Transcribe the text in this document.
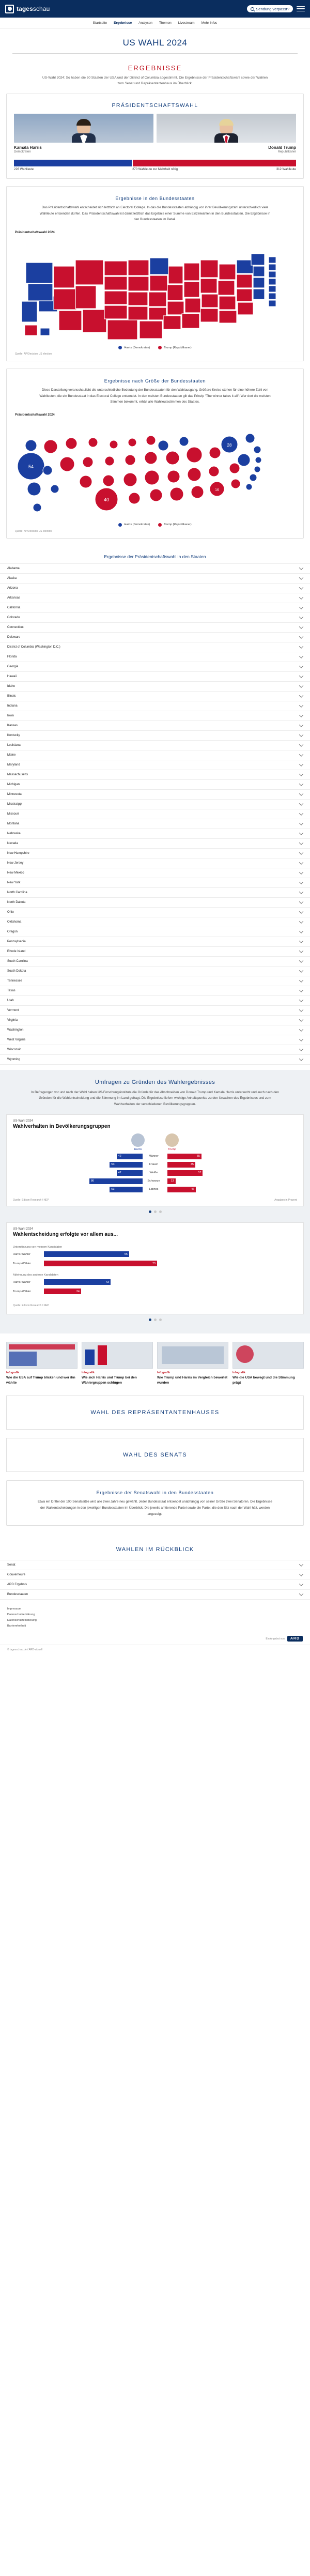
tagesschau	Sendung verpasst?
Startseite Ergebnisse Analysen Themen Livestream Mehr Infos
US WAHL 2024
ERGEBNISSE
US-Wahl 2024: So haben die 50 Staaten der USA und der District of Columbia abgestimmt. Die Ergebnisse der Präsidentschaftswahl sowie der Wahlen zum Senat und Repräsentantenhaus im Überblick.
PRÄSIDENTSCHAFTSWAHL
Kamala Harris
Demokraten
Donald Trump
Republikaner
226 Wahlleute	270 Wahlleute zur Mehrheit nötig	312 Wahlleute
Ergebnisse in den Bundesstaaten
Das Präsidentschaftswahl entscheidet sich letztlich an Electoral College. In das die Bundesstaaten abhängig von ihrer Bevölkerungszahl unterschiedlich viele Wahlleute entsenden dürfen. Das Präsidentschaftswahl ist damit letztlich das Ergebnis einer Summe von Einzelwahlen in den Bundesstaaten. Die Ergebnisse in den Bundesstaaten im Detail.
Präsidentschaftswahl 2024
Harris (Demokraten)	Trump (Republikaner)
Quelle: AP/Decision US election
Ergebnisse nach Größe der Bundesstaaten
Diese Darstellung veranschaulicht die unterschiedliche Bedeutung der Bundesstaaten für den Wahlausgang. Größere Kreise stehen für eine höhere Zahl von Wahlleuten, die ein Bundesstaat in das Electoral College entsendet. In den meisten Bundesstaaten gilt das Prinzip "The winner takes it all": Wer dort die meisten Stimmen bekommt, erhält alle Wahlleutestimmen des Staates.
Präsidentschaftswahl 2024
54
40
28
16
Harris (Demokraten)	Trump (Republikaner)
Quelle: AP/Decision US election
Ergebnisse der Präsidentschaftswahl in den Staaten
Alabama
Alaska
Arizona
Arkansas
California
Colorado
Connecticut
Delaware
District of Columbia (Washington D.C.)
Florida
Georgia
Hawaii
Idaho
Illinois
Indiana
Iowa
Kansas
Kentucky
Louisiana
Maine
Maryland
Massachusetts
Michigan
Minnesota
Mississippi
Missouri
Montana
Nebraska
Nevada
New Hampshire
New Jersey
New Mexico
New York
North Carolina
North Dakota
Ohio
Oklahoma
Oregon
Pennsylvania
Rhode Island
South Carolina
South Dakota
Tennessee
Texas
Utah
Vermont
Virginia
Washington
West Virginia
Wisconsin
Wyoming
Umfragen zu Gründen des Wahlergebnisses
In Befragungen vor und nach der Wahl haben US-Forschungsinstitute die Gründe für das Abschneiden von Donald Trump und Kamala Harris untersucht und auch nach den Gründen für die Wahlentscheidung und die Stimmung im Land gefragt. Die Ergebnisse liefern wichtige Anhaltspunkte zu den Ursachen des Ergebnisses und zum Wahlverhalten der verschiedenen Bevölkerungsgruppen.
US-Wahl 2024
Wahlverhalten in Bevölkerungsgruppen
Harris	Trump
42	Männer	55
53	Frauen	45
42	Weiße	57
86	Schwarze	13
53	Latinos	46
Quelle: Edison Research / NEP	Angaben in Prozent
US-Wahl 2024
Wahlentscheidung erfolgte vor allem aus...
Unterstützung von meinem Kandidaten
Harris-Wähler	55
Trump-Wähler	73
Ablehnung des anderen Kandidaten
Harris-Wähler	43
Trump-Wähler	24
Quelle: Edison Research / NEP
Infografik
Wie die USA auf Trump blicken und wer ihn wählte
Infografik
Wie sich Harris und Trump bei den Wählergruppen schlugen
Infografik
Wie Trump und Harris im Vergleich bewertet wurden
Infografik
Wie die USA bewegt und die Stimmung prägt
WAHL DES REPRÄSENTANTENHAUSES
WAHL DES SENATS
Ergebnisse der Senatswahl in den Bundesstaaten
Etwa ein Drittel der 100 Senatssitze wird alle zwei Jahre neu gewählt. Jeder Bundesstaat entsendet unabhängig von seiner Größe zwei Senatoren. Die Ergebnisse der Wahlentscheidungen in den jeweiligen Bundesstaaten im Überblick: Die jeweils amtierende Partei sowie die Partei, die den Sitz nach der Wahl hält, werden angezeigt.
WAHLEN IM RÜCKBLICK
Senat
Gouverneure
ARD Ergebnis
Bundesstaaten
Impressum
Datenschutzerklärung
Datenschutzeinstellung
Barrierefreiheit
Ein Angebot von	ARD
© tagesschau.de / ARD-aktuell
